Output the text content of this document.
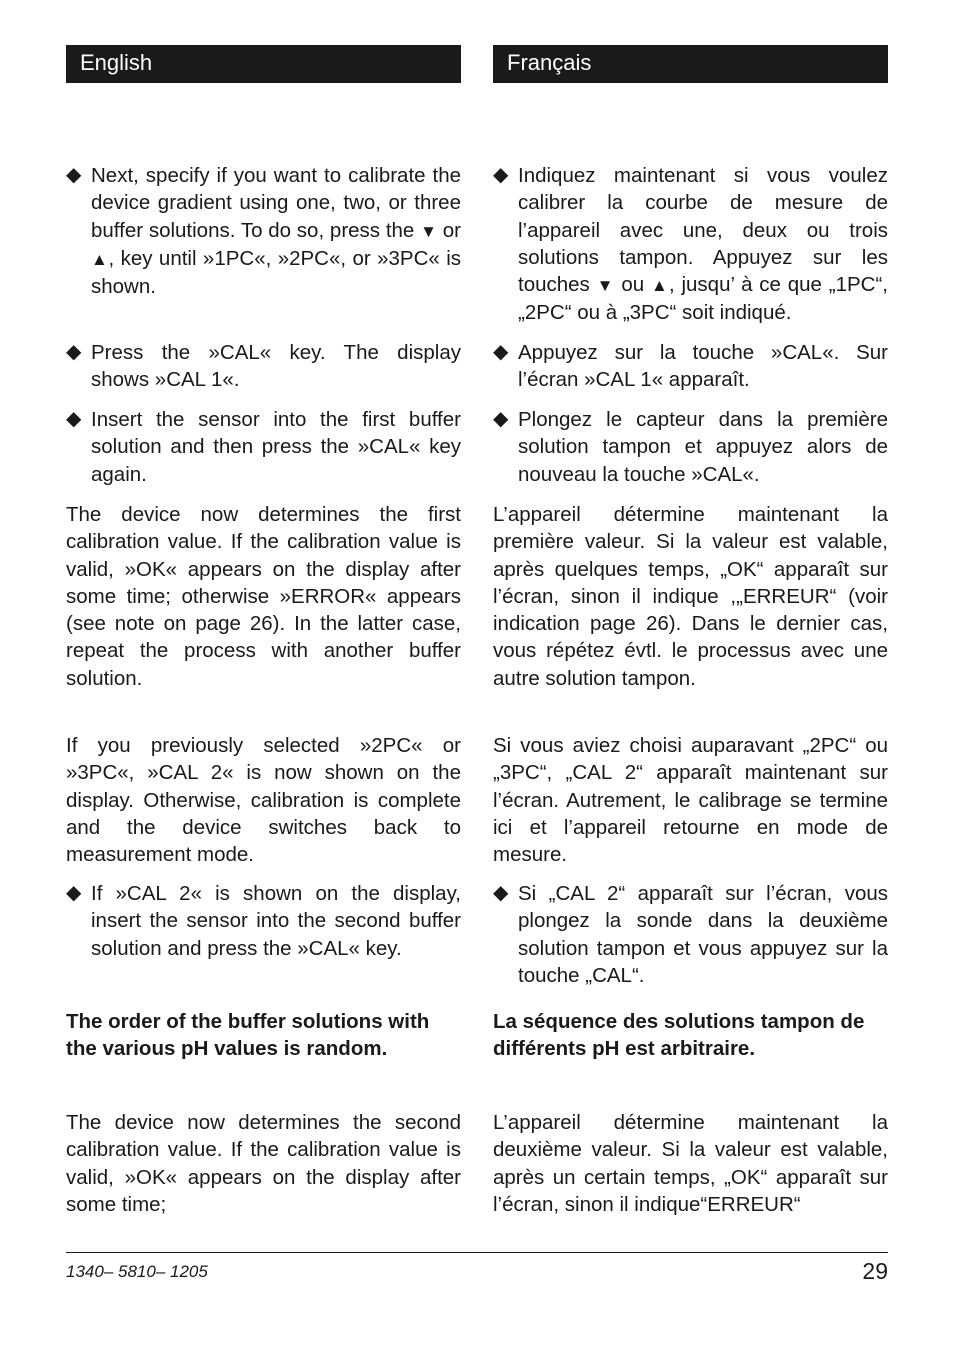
English
◆ Next, specify if you want to calibrate the device gradient using one, two, or three buffer solutions. To do so, press the ▼ or ▲, key until »1PC«, »2PC«, or »3PC« is shown.
◆ Press the »CAL« key. The display shows »CAL 1«.
◆ Insert the sensor into the first buffer solution and then press the »CAL« key again.

The device now determines the first calibration value. If the calibration value is valid, »OK« appears on the display after some time; otherwise »ERROR« appears (see note on page 26). In the latter case, repeat the process with another buffer solution.

If you previously selected »2PC« or »3PC«, »CAL 2« is now shown on the display. Otherwise, calibration is complete and the device switches back to measurement mode.

◆ If »CAL 2« is shown on the display, insert the sensor into the second buffer solution and press the »CAL« key.

The order of the buffer solutions with the various pH values is random.

The device now determines the second calibration value. If the calibration value is valid, »OK« appears on the display after some time;

Français
◆ Indiquez maintenant si vous voulez calibrer la courbe de mesure de l’appareil avec une, deux ou trois solutions tampon. Appuyez sur les touches ▼ ou ▲, jusqu’ à ce que „1PC“, „2PC“ ou à „3PC“ soit indiqué.
◆ Appuyez sur la touche »CAL«. Sur l’écran »CAL 1« apparaît.
◆ Plongez le capteur dans la première solution tampon et appuyez alors de nouveau la touche »CAL«.

L’appareil détermine maintenant la première valeur. Si la valeur est valable, après quelques temps, „OK“ apparaît sur l’écran, sinon il indique ,„ERREUR“ (voir indication page 26). Dans le dernier cas, vous répétez évtl. le processus avec une autre solution tampon.

Si vous aviez choisi auparavant „2PC“ ou „3PC“, „CAL 2“ apparaît maintenant sur l’écran. Autrement, le calibrage se termine ici et l’appareil retourne en mode de mesure.

◆ Si „CAL 2“ apparaît sur l’écran, vous plongez la sonde dans la deuxième solution tampon et vous appuyez sur la touche „CAL“.

La séquence des solutions tampon de différents pH est arbitraire.

L’appareil détermine maintenant la deuxième valeur. Si la valeur est valable, après un certain temps, „OK“ apparaît sur l’écran, sinon il indique“ERREUR“

1340– 5810– 1205	29
